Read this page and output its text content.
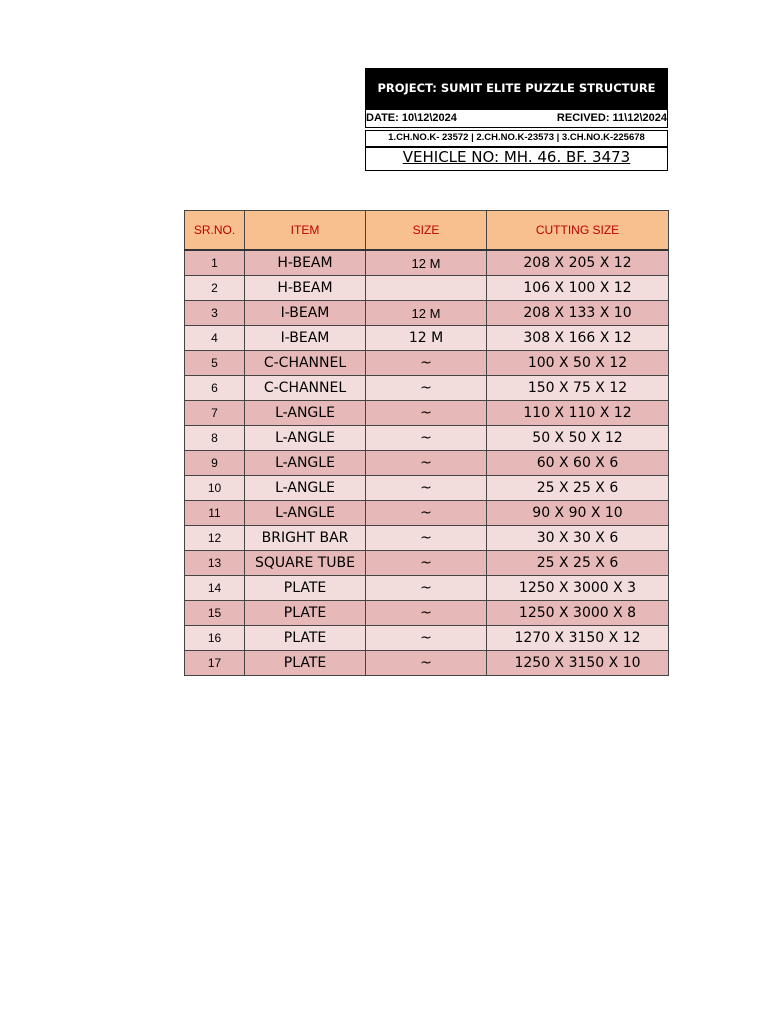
PROJECT: SUMIT ELITE PUZZLE STRUCTURE
DATE: 10\12\2024	RECIVED: 11\12\2024
1.CH.NO.K- 23572 | 2.CH.NO.K-23573 | 3.CH.NO.K-225678
VEHICLE NO: MH. 46. BF. 3473
SR.NO.	ITEM	SIZE	CUTTING SIZE
1	H-BEAM	12 M	208 X 205 X 12
2	H-BEAM		106 X 100 X 12
3	I-BEAM	12 M	208 X 133 X 10
4	I-BEAM	12 M	308 X 166 X 12
5	C-CHANNEL	~	100 X 50 X 12
6	C-CHANNEL	~	150 X 75 X 12
7	L-ANGLE	~	110 X 110 X 12
8	L-ANGLE	~	50 X 50 X 12
9	L-ANGLE	~	60 X 60 X 6
10	L-ANGLE	~	25 X 25 X 6
11	L-ANGLE	~	90 X 90 X 10
12	BRIGHT BAR	~	30 X 30 X 6
13	SQUARE TUBE	~	25 X 25 X 6
14	PLATE	~	1250 X 3000 X 3
15	PLATE	~	1250 X 3000 X 8
16	PLATE	~	1270 X 3150 X 12
17	PLATE	~	1250 X 3150 X 10
